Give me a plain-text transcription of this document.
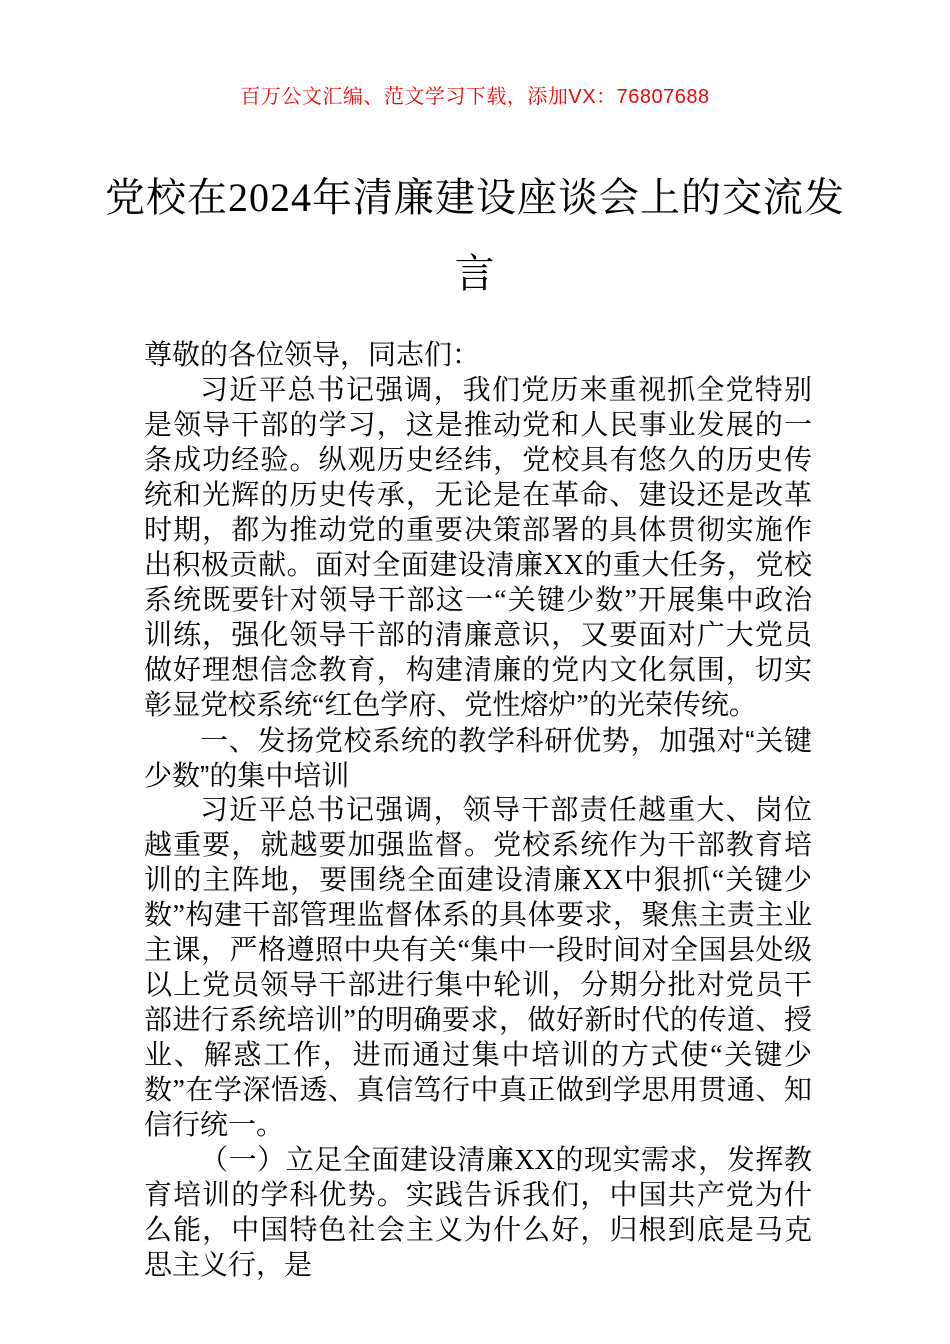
百万公文汇编、范文学习下载，添加VX：76807688
党校在2024年清廉建设座谈会上的交流发
言

尊敬的各位领导，同志们：

习近平总书记强调，我们党历来重视抓全党特别是领导干部的学习，这是推动党和人民事业发展的一条成功经验。纵观历史经纬，党校具有悠久的历史传统和光辉的历史传承，无论是在革命、建设还是改革时期，都为推动党的重要决策部署的具体贯彻实施作出积极贡献。面对全面建设清廉XX的重大任务，党校系统既要针对领导干部这一“关键少数”开展集中政治训练，强化领导干部的清廉意识，又要面对广大党员做好理想信念教育，构建清廉的党内文化氛围，切实彰显党校系统“红色学府、党性熔炉”的光荣传统。

一、发扬党校系统的教学科研优势，加强对“关键少数”的集中培训

习近平总书记强调，领导干部责任越重大、岗位越重要，就越要加强监督。党校系统作为干部教育培训的主阵地，要围绕全面建设清廉XX中狠抓“关键少数”构建干部管理监督体系的具体要求，聚焦主责主业主课，严格遵照中央有关“集中一段时间对全国县处级以上党员领导干部进行集中轮训，分期分批对党员干部进行系统培训”的明确要求，做好新时代的传道、授业、解惑工作，进而通过集中培训的方式使“关键少数”在学深悟透、真信笃行中真正做到学思用贯通、知信行统一。

（一）立足全面建设清廉XX的现实需求，发挥教育培训的学科优势。实践告诉我们，中国共产党为什么能，中国特色社会主义为什么好，归根到底是马克思主义行，是
